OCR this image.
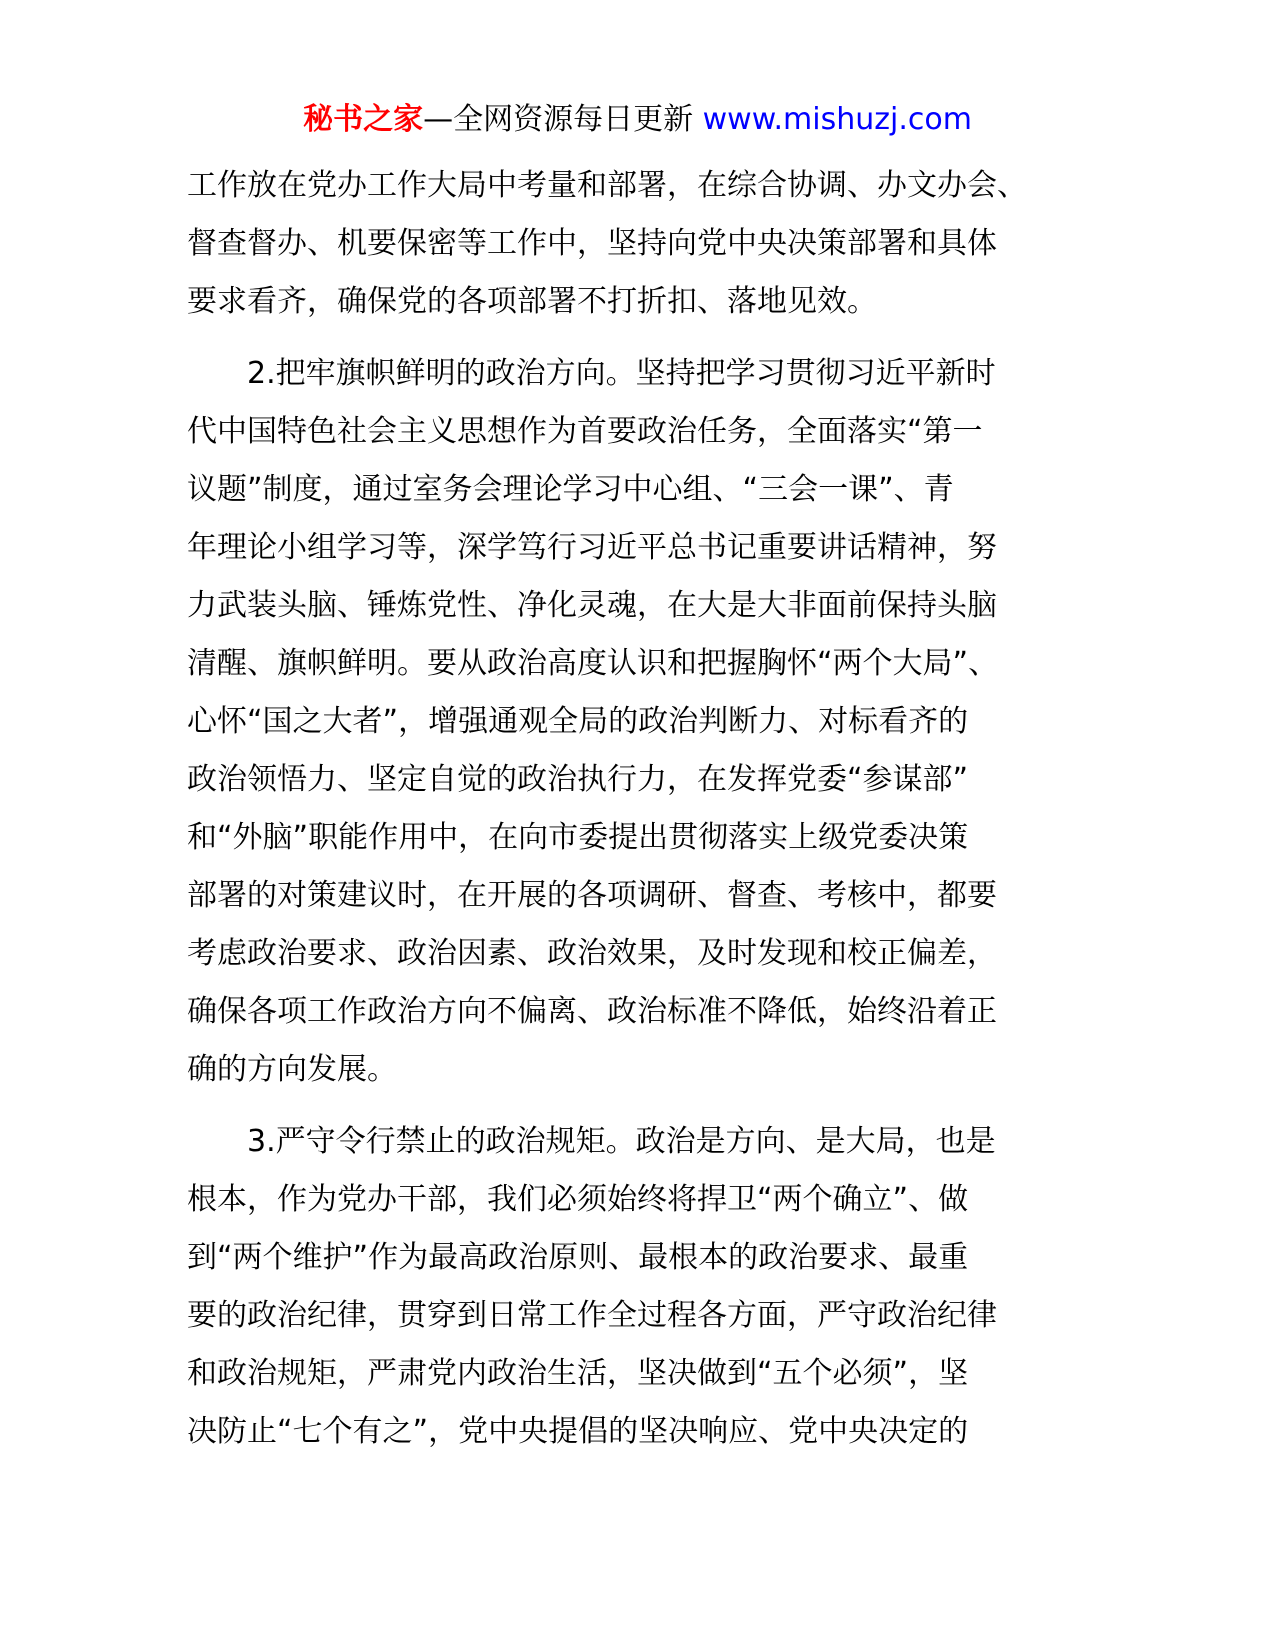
秘书之家—全网资源每日更新 www.mishuzj.com
工作放在党办工作大局中考量和部署，在综合协调、办文办会、
督查督办、机要保密等工作中，坚持向党中央决策部署和具体
要求看齐，确保党的各项部署不打折扣、落地见效。
　　2.把牢旗帜鲜明的政治方向。坚持把学习贯彻习近平新时
代中国特色社会主义思想作为首要政治任务，全面落实“第一
议题”制度，通过室务会理论学习中心组、“三会一课”、青
年理论小组学习等，深学笃行习近平总书记重要讲话精神，努
力武装头脑、锤炼党性、净化灵魂，在大是大非面前保持头脑
清醒、旗帜鲜明。要从政治高度认识和把握胸怀“两个大局”、
心怀“国之大者”，增强通观全局的政治判断力、对标看齐的
政治领悟力、坚定自觉的政治执行力，在发挥党委“参谋部”
和“外脑”职能作用中，在向市委提出贯彻落实上级党委决策
部署的对策建议时，在开展的各项调研、督查、考核中，都要
考虑政治要求、政治因素、政治效果，及时发现和校正偏差，
确保各项工作政治方向不偏离、政治标准不降低，始终沿着正
确的方向发展。
　　3.严守令行禁止的政治规矩。政治是方向、是大局，也是
根本，作为党办干部，我们必须始终将捍卫“两个确立”、做
到“两个维护”作为最高政治原则、最根本的政治要求、最重
要的政治纪律，贯穿到日常工作全过程各方面，严守政治纪律
和政治规矩，严肃党内政治生活，坚决做到“五个必须”，坚
决防止“七个有之”，党中央提倡的坚决响应、党中央决定的
